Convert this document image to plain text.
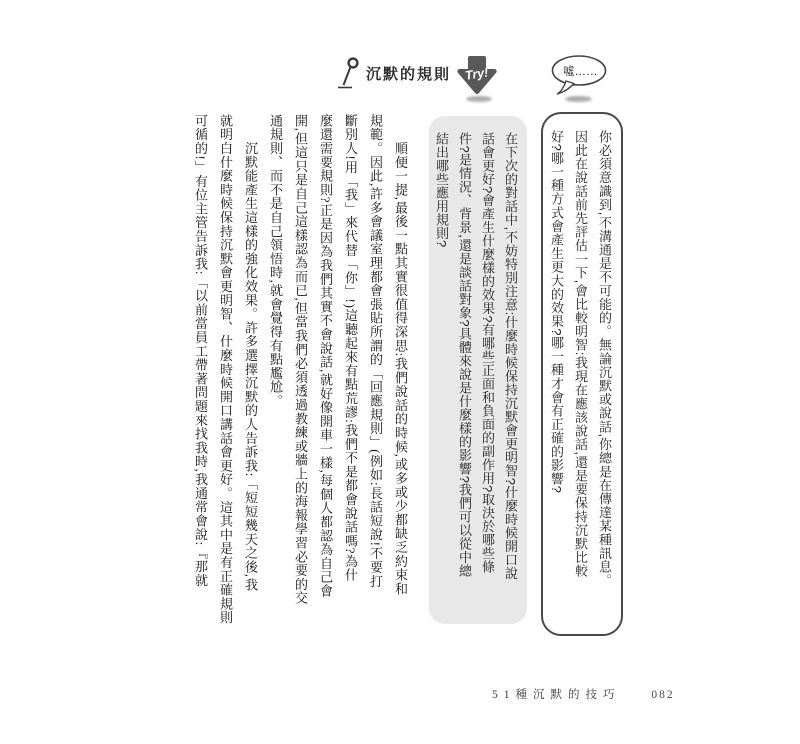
沉默的規則 Try!	噓……
在下次的對話中,不妨特別注意:什麼時候保持沉默會更明智?什麼時候開口說
話會更好?會產生什麼樣的效果?有哪些正面和負面的副作用?取決於哪些條
件?是情況、背景,還是談話對象?具體來說是什麼樣的影響?我們可以從中總
結出哪些應用規則?	你必須意識到,不溝通是不可能的。無論沉默或說話,你總是在傳達某種訊息。
因此在說話前先評估一下,會比較明智:我現在應該說話,還是要保持沉默比較
好?哪一種方式會產生更大的效果?哪一種才會有正確的影響?
　　順便一提,最後一點其實很值得深思:我們說話的時候,或多或少都缺乏約束和
規範。因此,許多會議室理都會張貼所謂的「回應規則」(例如:長話短說!不要打
斷別人!用「我」來代替「你」!)這聽起來有點荒謬:我們不是都會說話嗎?為什
麼還需要規則?正是因為我們其實不會說話,就好像開車一樣,每個人都認為自己會
開,但這只是自己這樣認為而已,但當我們必須透過教練或牆上的海報學習必要的交
通規則、而不是自己領悟時,就會覺得有點尷尬。
　　沉默能產生這樣的強化效果。許多選擇沉默的人告訴我:「短短幾天之後,我
就明白什麼時候保持沉默會更明智、什麼時候開口講話會更好。這其中是有正確規則
可循的!」有位主管告訴我:「以前當員工帶著問題來找我時,我通常會說:『那就
51種沉默的技巧	082
